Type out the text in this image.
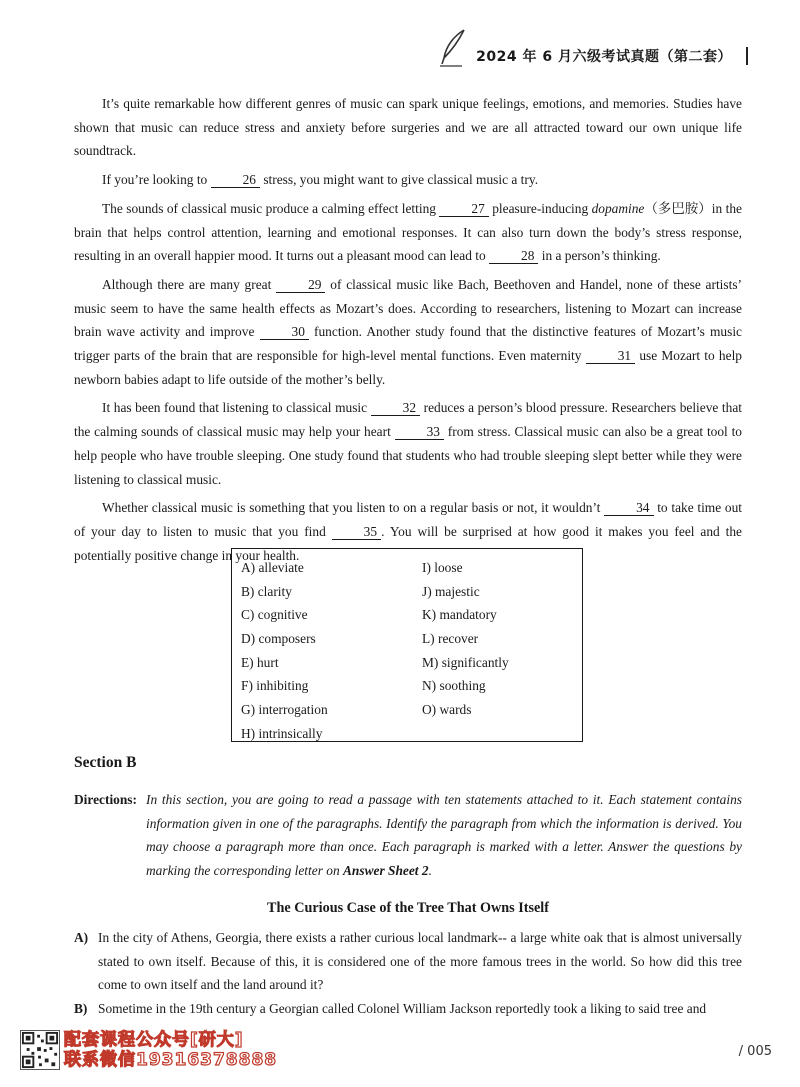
2024 年 6 月六级考试真题（第二套）

It’s quite remarkable how different genres of music can spark unique feelings, emotions, and memories. Studies have shown that music can reduce stress and anxiety before surgeries and we are all attracted toward our own unique life soundtrack.

If you’re looking to 26 stress, you might want to give classical music a try.

The sounds of classical music produce a calming effect letting 27 pleasure-inducing dopamine（多巴胺）in the brain that helps control attention, learning and emotional responses. It can also turn down the body’s stress response, resulting in an overall happier mood. It turns out a pleasant mood can lead to 28 in a person’s thinking.

Although there are many great 29 of classical music like Bach, Beethoven and Handel, none of these artists’ music seem to have the same health effects as Mozart’s does. According to researchers, listening to Mozart can increase brain wave activity and improve 30 function. Another study found that the distinctive features of Mozart’s music trigger parts of the brain that are responsible for high-level mental functions. Even maternity 31 use Mozart to help newborn babies adapt to life outside of the mother’s belly.

It has been found that listening to classical music 32 reduces a person’s blood pressure. Researchers believe that the calming sounds of classical music may help your heart 33 from stress. Classical music can also be a great tool to help people who have trouble sleeping. One study found that students who had trouble sleeping slept better while they were listening to classical music.

Whether classical music is something that you listen to on a regular basis or not, it wouldn’t 34 to take time out of your day to listen to music that you find 35 . You will be surprised at how good it makes you feel and the potentially positive change in your health.

A) alleviate
B) clarity
C) cognitive
D) composers
E) hurt
F) inhibiting
G) interrogation
H) intrinsically
I) loose
J) majestic
K) mandatory
L) recover
M) significantly
N) soothing
O) wards
Section B
Directions: In this section, you are going to read a passage with ten statements attached to it. Each statement contains information given in one of the paragraphs. Identify the paragraph from which the information is derived. You may choose a paragraph more than once. Each paragraph is marked with a letter. Answer the questions by marking the corresponding letter on Answer Sheet 2.
The Curious Case of the Tree That Owns Itself
A) In the city of Athens, Georgia, there exists a rather curious local landmark-- a large white oak that is almost universally stated to own itself. Because of this, it is considered one of the more famous trees in the world. So how did this tree come to own itself and the land around it?
B) Sometime in the 19th century a Georgian called Colonel William Jackson reportedly took a liking to said tree and
配套课程公众号[研大]
联系微信19316378888	/ 005
